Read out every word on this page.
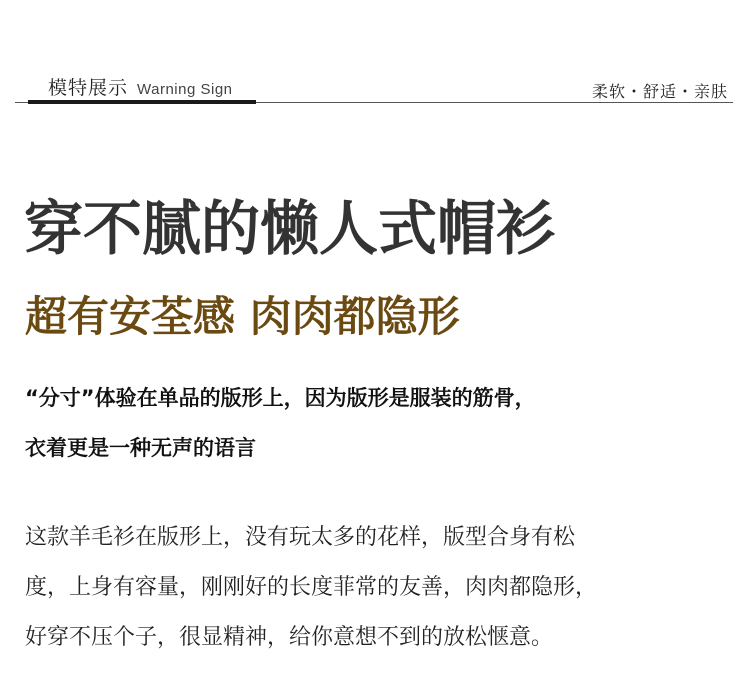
模特展示 Warning Sign	柔软・舒适・亲肤
穿不腻的懒人式帽衫
超有安荃感 肉肉都隐形

“分寸”体验在单品的版形上，因为版形是服装的筋骨，

衣着更是一种无声的语言

这款羊毛衫在版形上，没有玩太多的花样，版型合身有松

度，上身有容量，刚刚好的长度菲常的友善，肉肉都隐形，

好穿不压个子，很显精神，给你意想不到的放松惬意。
